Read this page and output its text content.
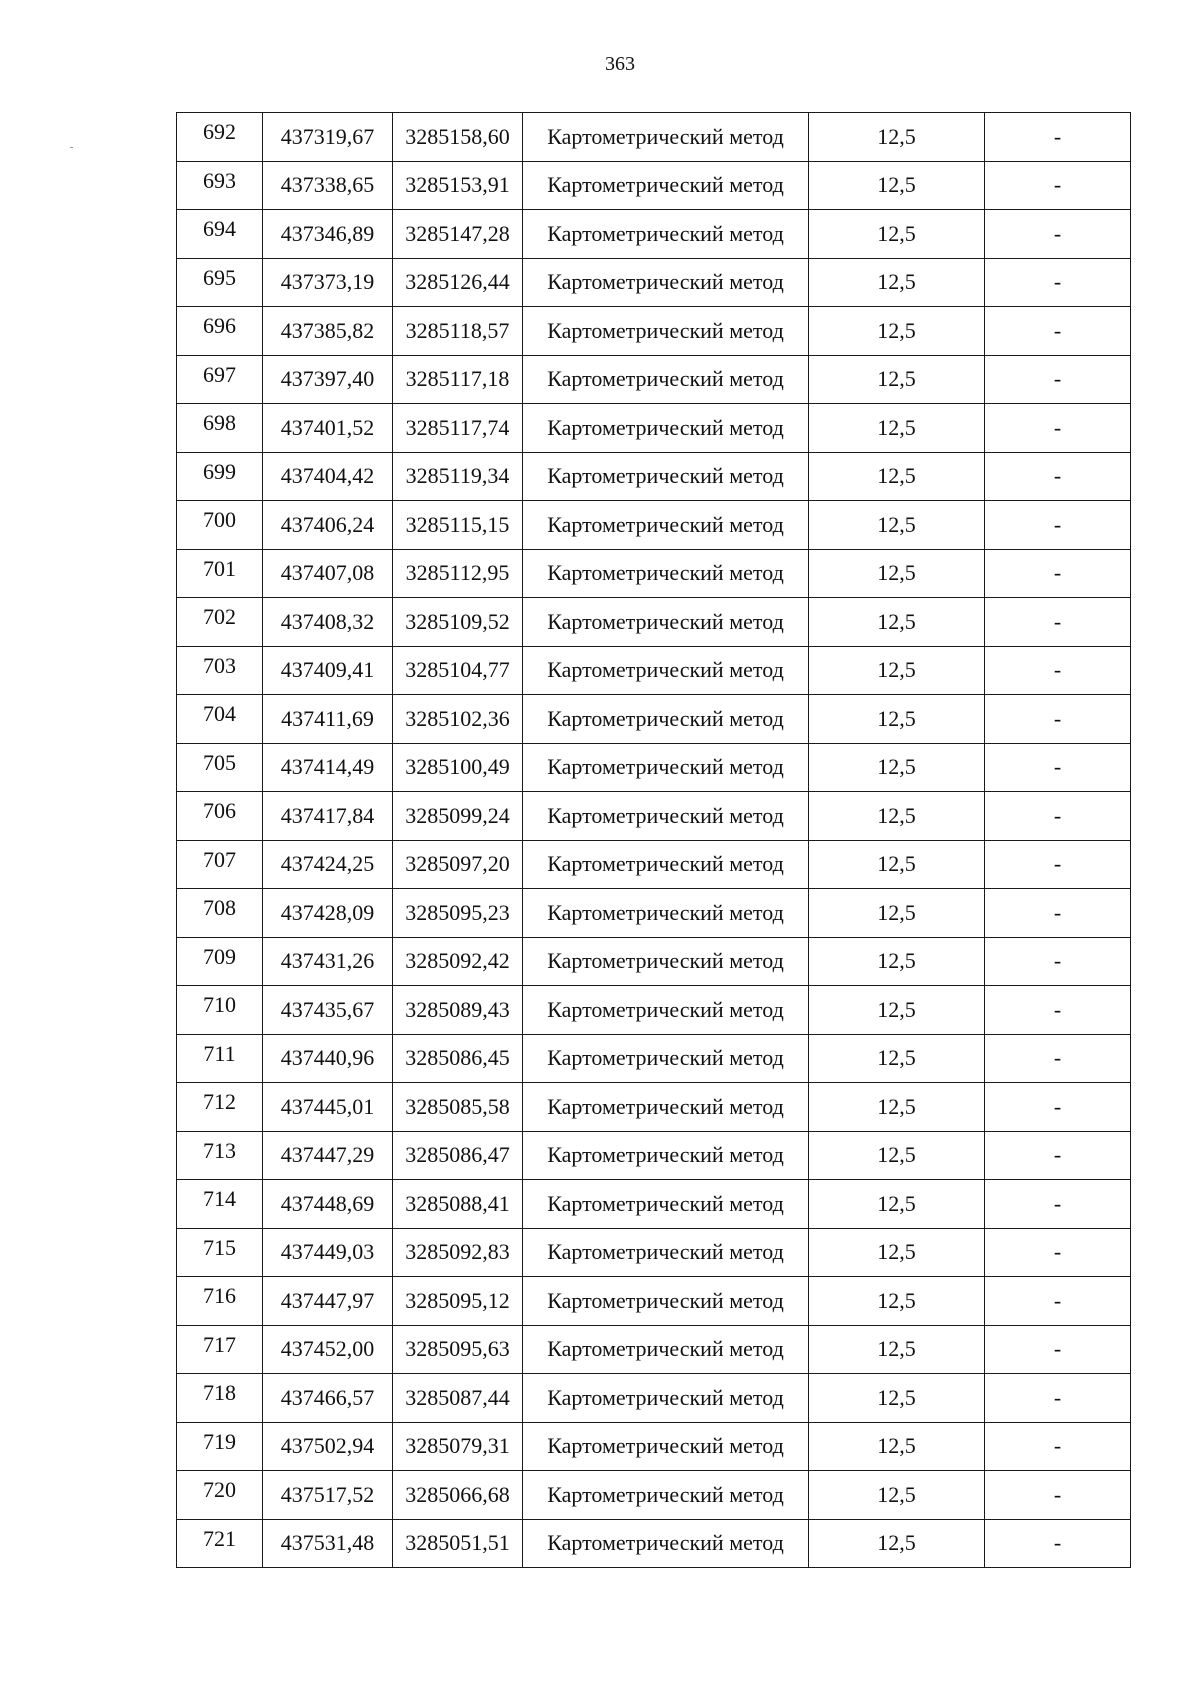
363
692	437319,67	3285158,60	Картометрический метод	12,5	-
693	437338,65	3285153,91	Картометрический метод	12,5	-
694	437346,89	3285147,28	Картометрический метод	12,5	-
695	437373,19	3285126,44	Картометрический метод	12,5	-
696	437385,82	3285118,57	Картометрический метод	12,5	-
697	437397,40	3285117,18	Картометрический метод	12,5	-
698	437401,52	3285117,74	Картометрический метод	12,5	-
699	437404,42	3285119,34	Картометрический метод	12,5	-
700	437406,24	3285115,15	Картометрический метод	12,5	-
701	437407,08	3285112,95	Картометрический метод	12,5	-
702	437408,32	3285109,52	Картометрический метод	12,5	-
703	437409,41	3285104,77	Картометрический метод	12,5	-
704	437411,69	3285102,36	Картометрический метод	12,5	-
705	437414,49	3285100,49	Картометрический метод	12,5	-
706	437417,84	3285099,24	Картометрический метод	12,5	-
707	437424,25	3285097,20	Картометрический метод	12,5	-
708	437428,09	3285095,23	Картометрический метод	12,5	-
709	437431,26	3285092,42	Картометрический метод	12,5	-
710	437435,67	3285089,43	Картометрический метод	12,5	-
711	437440,96	3285086,45	Картометрический метод	12,5	-
712	437445,01	3285085,58	Картометрический метод	12,5	-
713	437447,29	3285086,47	Картометрический метод	12,5	-
714	437448,69	3285088,41	Картометрический метод	12,5	-
715	437449,03	3285092,83	Картометрический метод	12,5	-
716	437447,97	3285095,12	Картометрический метод	12,5	-
717	437452,00	3285095,63	Картометрический метод	12,5	-
718	437466,57	3285087,44	Картометрический метод	12,5	-
719	437502,94	3285079,31	Картометрический метод	12,5	-
720	437517,52	3285066,68	Картометрический метод	12,5	-
721	437531,48	3285051,51	Картометрический метод	12,5	-
